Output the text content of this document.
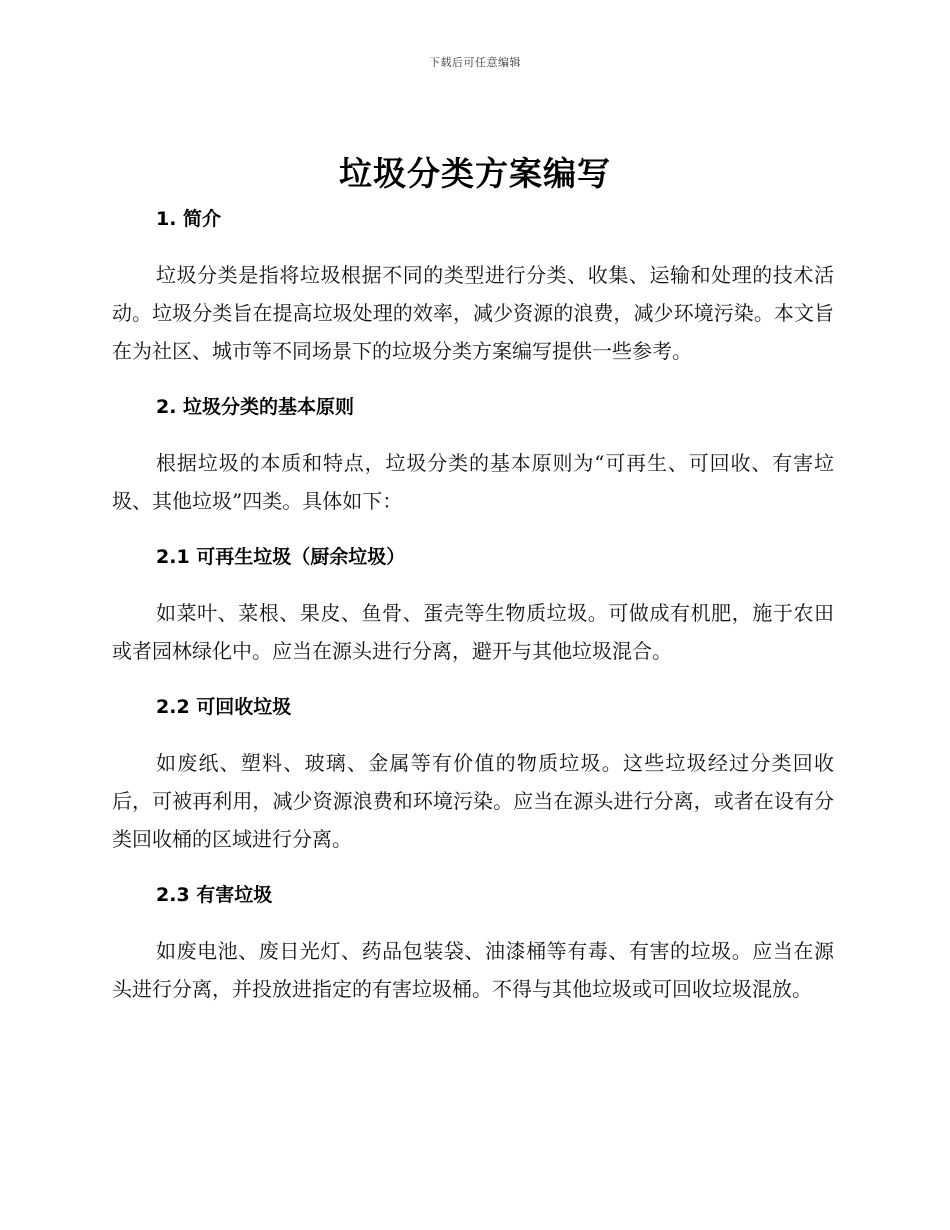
下载后可任意编辑
垃圾分类方案编写

1. 简介

垃圾分类是指将垃圾根据不同的类型进行分类、收集、运输和处理的技术活动。垃圾分类旨在提高垃圾处理的效率，减少资源的浪费，减少环境污染。本文旨在为社区、城市等不同场景下的垃圾分类方案编写提供一些参考。

2. 垃圾分类的基本原则

根据垃圾的本质和特点，垃圾分类的基本原则为“可再生、可回收、有害垃圾、其他垃圾”四类。具体如下：

2.1 可再生垃圾（厨余垃圾）

如菜叶、菜根、果皮、鱼骨、蛋壳等生物质垃圾。可做成有机肥，施于农田或者园林绿化中。应当在源头进行分离，避开与其他垃圾混合。

2.2 可回收垃圾

如废纸、塑料、玻璃、金属等有价值的物质垃圾。这些垃圾经过分类回收后，可被再利用，减少资源浪费和环境污染。应当在源头进行分离，或者在设有分类回收桶的区域进行分离。

2.3 有害垃圾

如废电池、废日光灯、药品包装袋、油漆桶等有毒、有害的垃圾。应当在源头进行分离，并投放进指定的有害垃圾桶。不得与其他垃圾或可回收垃圾混放。
